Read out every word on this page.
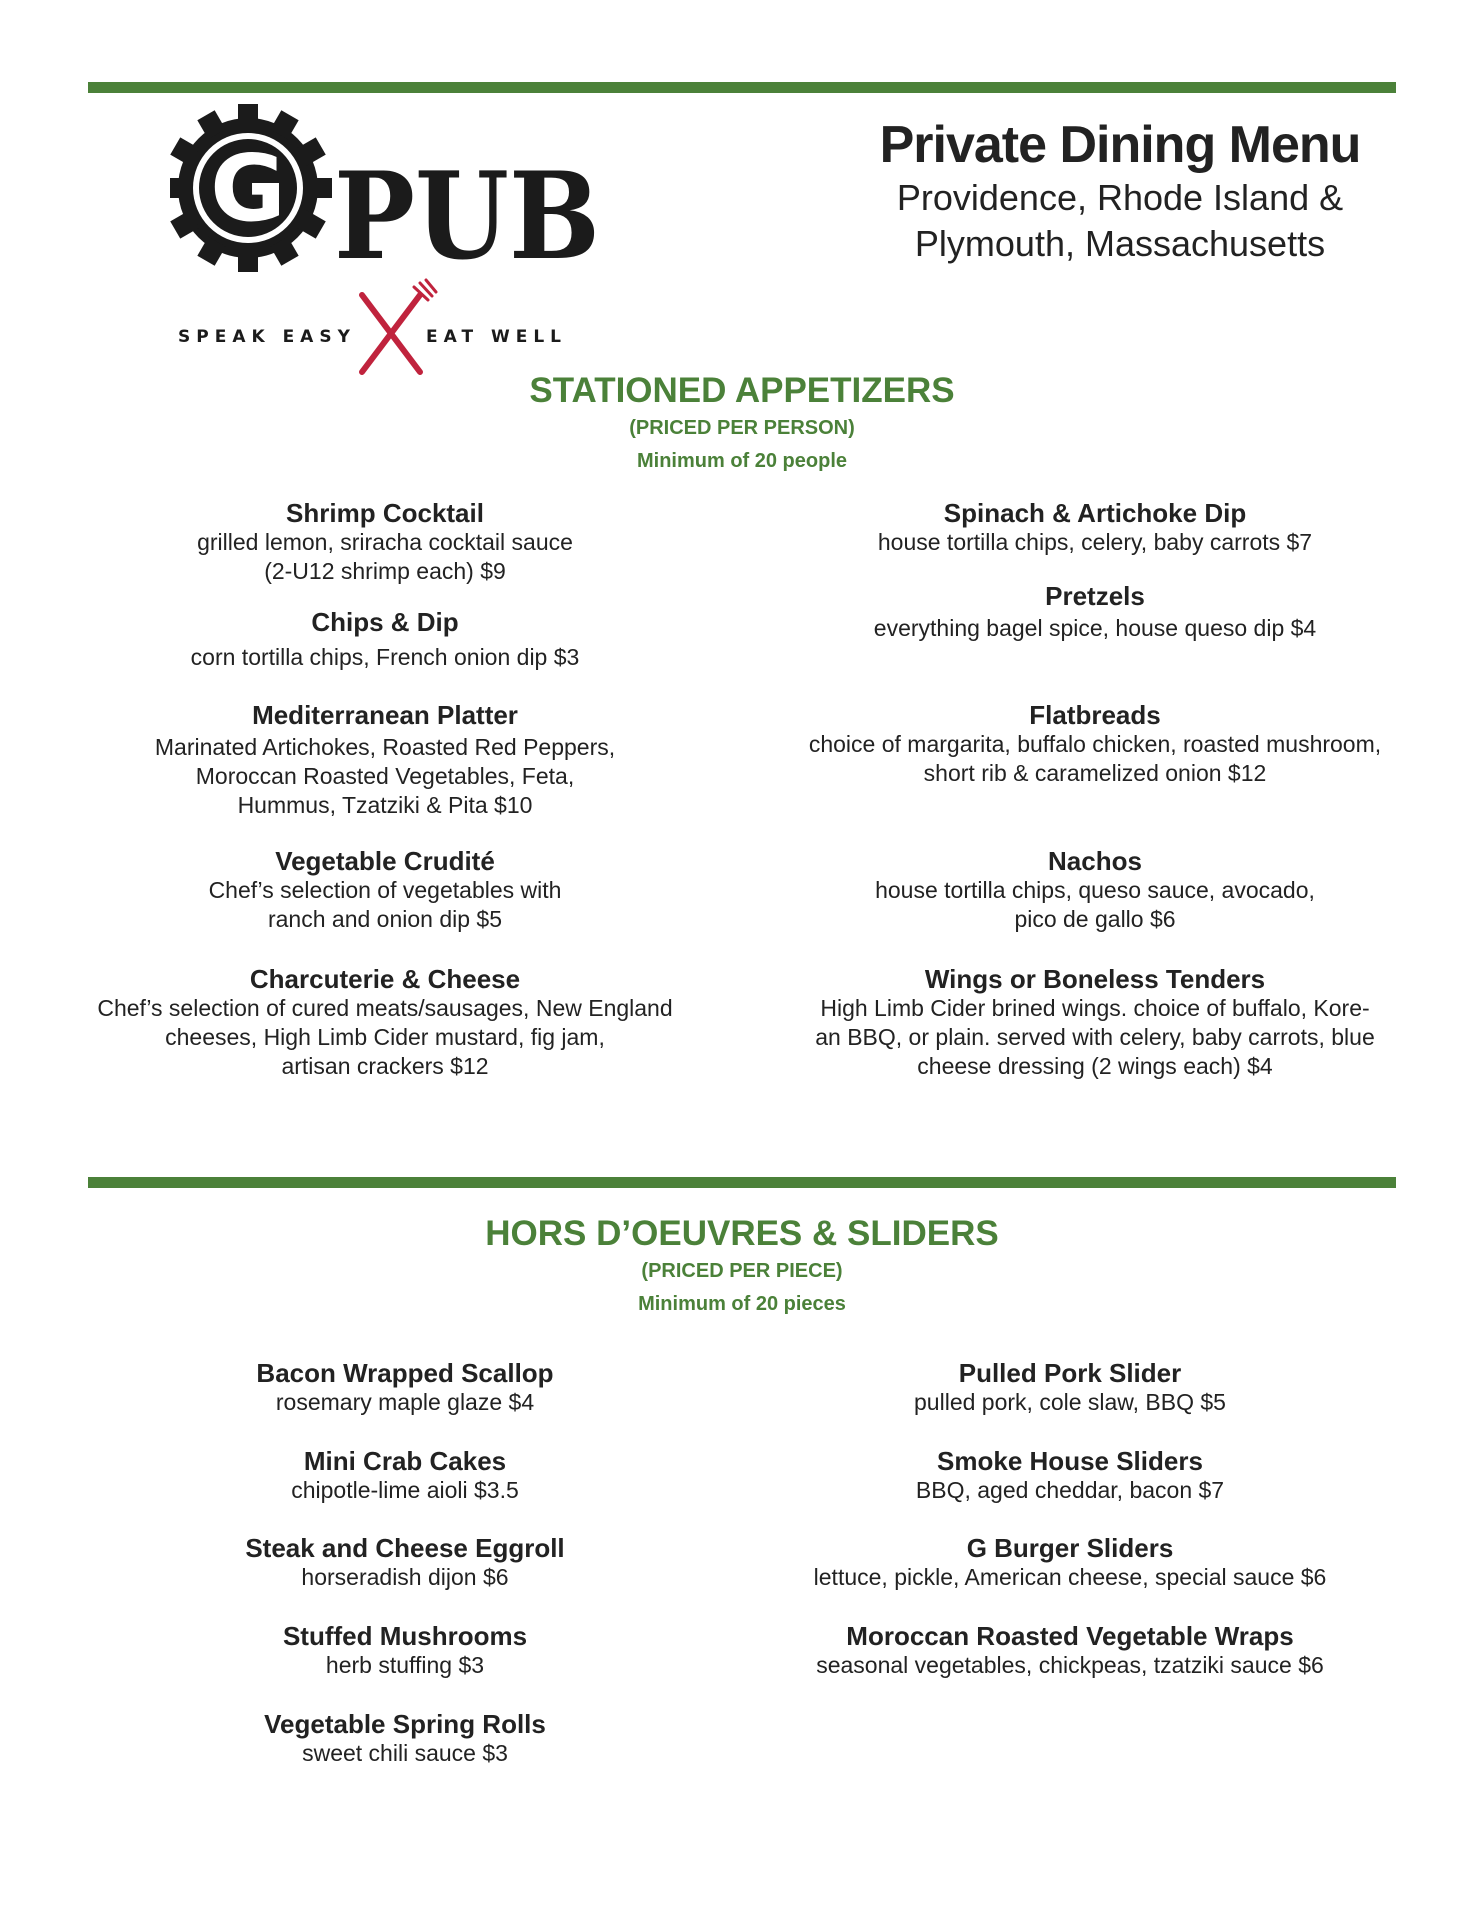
G PUB
SPEAK EASY	EAT WELL
Private Dining Menu
Providence, Rhode Island &
Plymouth, Massachusetts
STATIONED APPETIZERS
(PRICED PER PERSON)
Minimum of 20 people
Shrimp Cocktail
grilled lemon, sriracha cocktail sauce
(2-U12 shrimp each) $9
Chips & Dip
corn tortilla chips, French onion dip $3
Mediterranean Platter
Marinated Artichokes, Roasted Red Peppers,
Moroccan Roasted Vegetables, Feta,
Hummus, Tzatziki & Pita $10
Vegetable Crudité
Chef’s selection of vegetables with
ranch and onion dip $5
Charcuterie & Cheese
Chef’s selection of cured meats/sausages, New England
cheeses, High Limb Cider mustard, fig jam,
artisan crackers $12
Spinach & Artichoke Dip
house tortilla chips, celery, baby carrots $7
Pretzels
everything bagel spice, house queso dip $4
Flatbreads
choice of margarita, buffalo chicken, roasted mushroom,
short rib & caramelized onion $12
Nachos
house tortilla chips, queso sauce, avocado,
pico de gallo $6
Wings or Boneless Tenders
High Limb Cider brined wings. choice of buffalo, Kore-
an BBQ, or plain. served with celery, baby carrots, blue
cheese dressing (2 wings each) $4
HORS D’OEUVRES & SLIDERS
(PRICED PER PIECE)
Minimum of 20 pieces
Bacon Wrapped Scallop
rosemary maple glaze $4
Mini Crab Cakes
chipotle-lime aioli $3.5
Steak and Cheese Eggroll
horseradish dijon $6
Stuffed Mushrooms
herb stuffing $3
Vegetable Spring Rolls
sweet chili sauce $3
Pulled Pork Slider
pulled pork, cole slaw, BBQ $5
Smoke House Sliders
BBQ, aged cheddar, bacon $7
G Burger Sliders
lettuce, pickle, American cheese, special sauce $6
Moroccan Roasted Vegetable Wraps
seasonal vegetables, chickpeas, tzatziki sauce $6
